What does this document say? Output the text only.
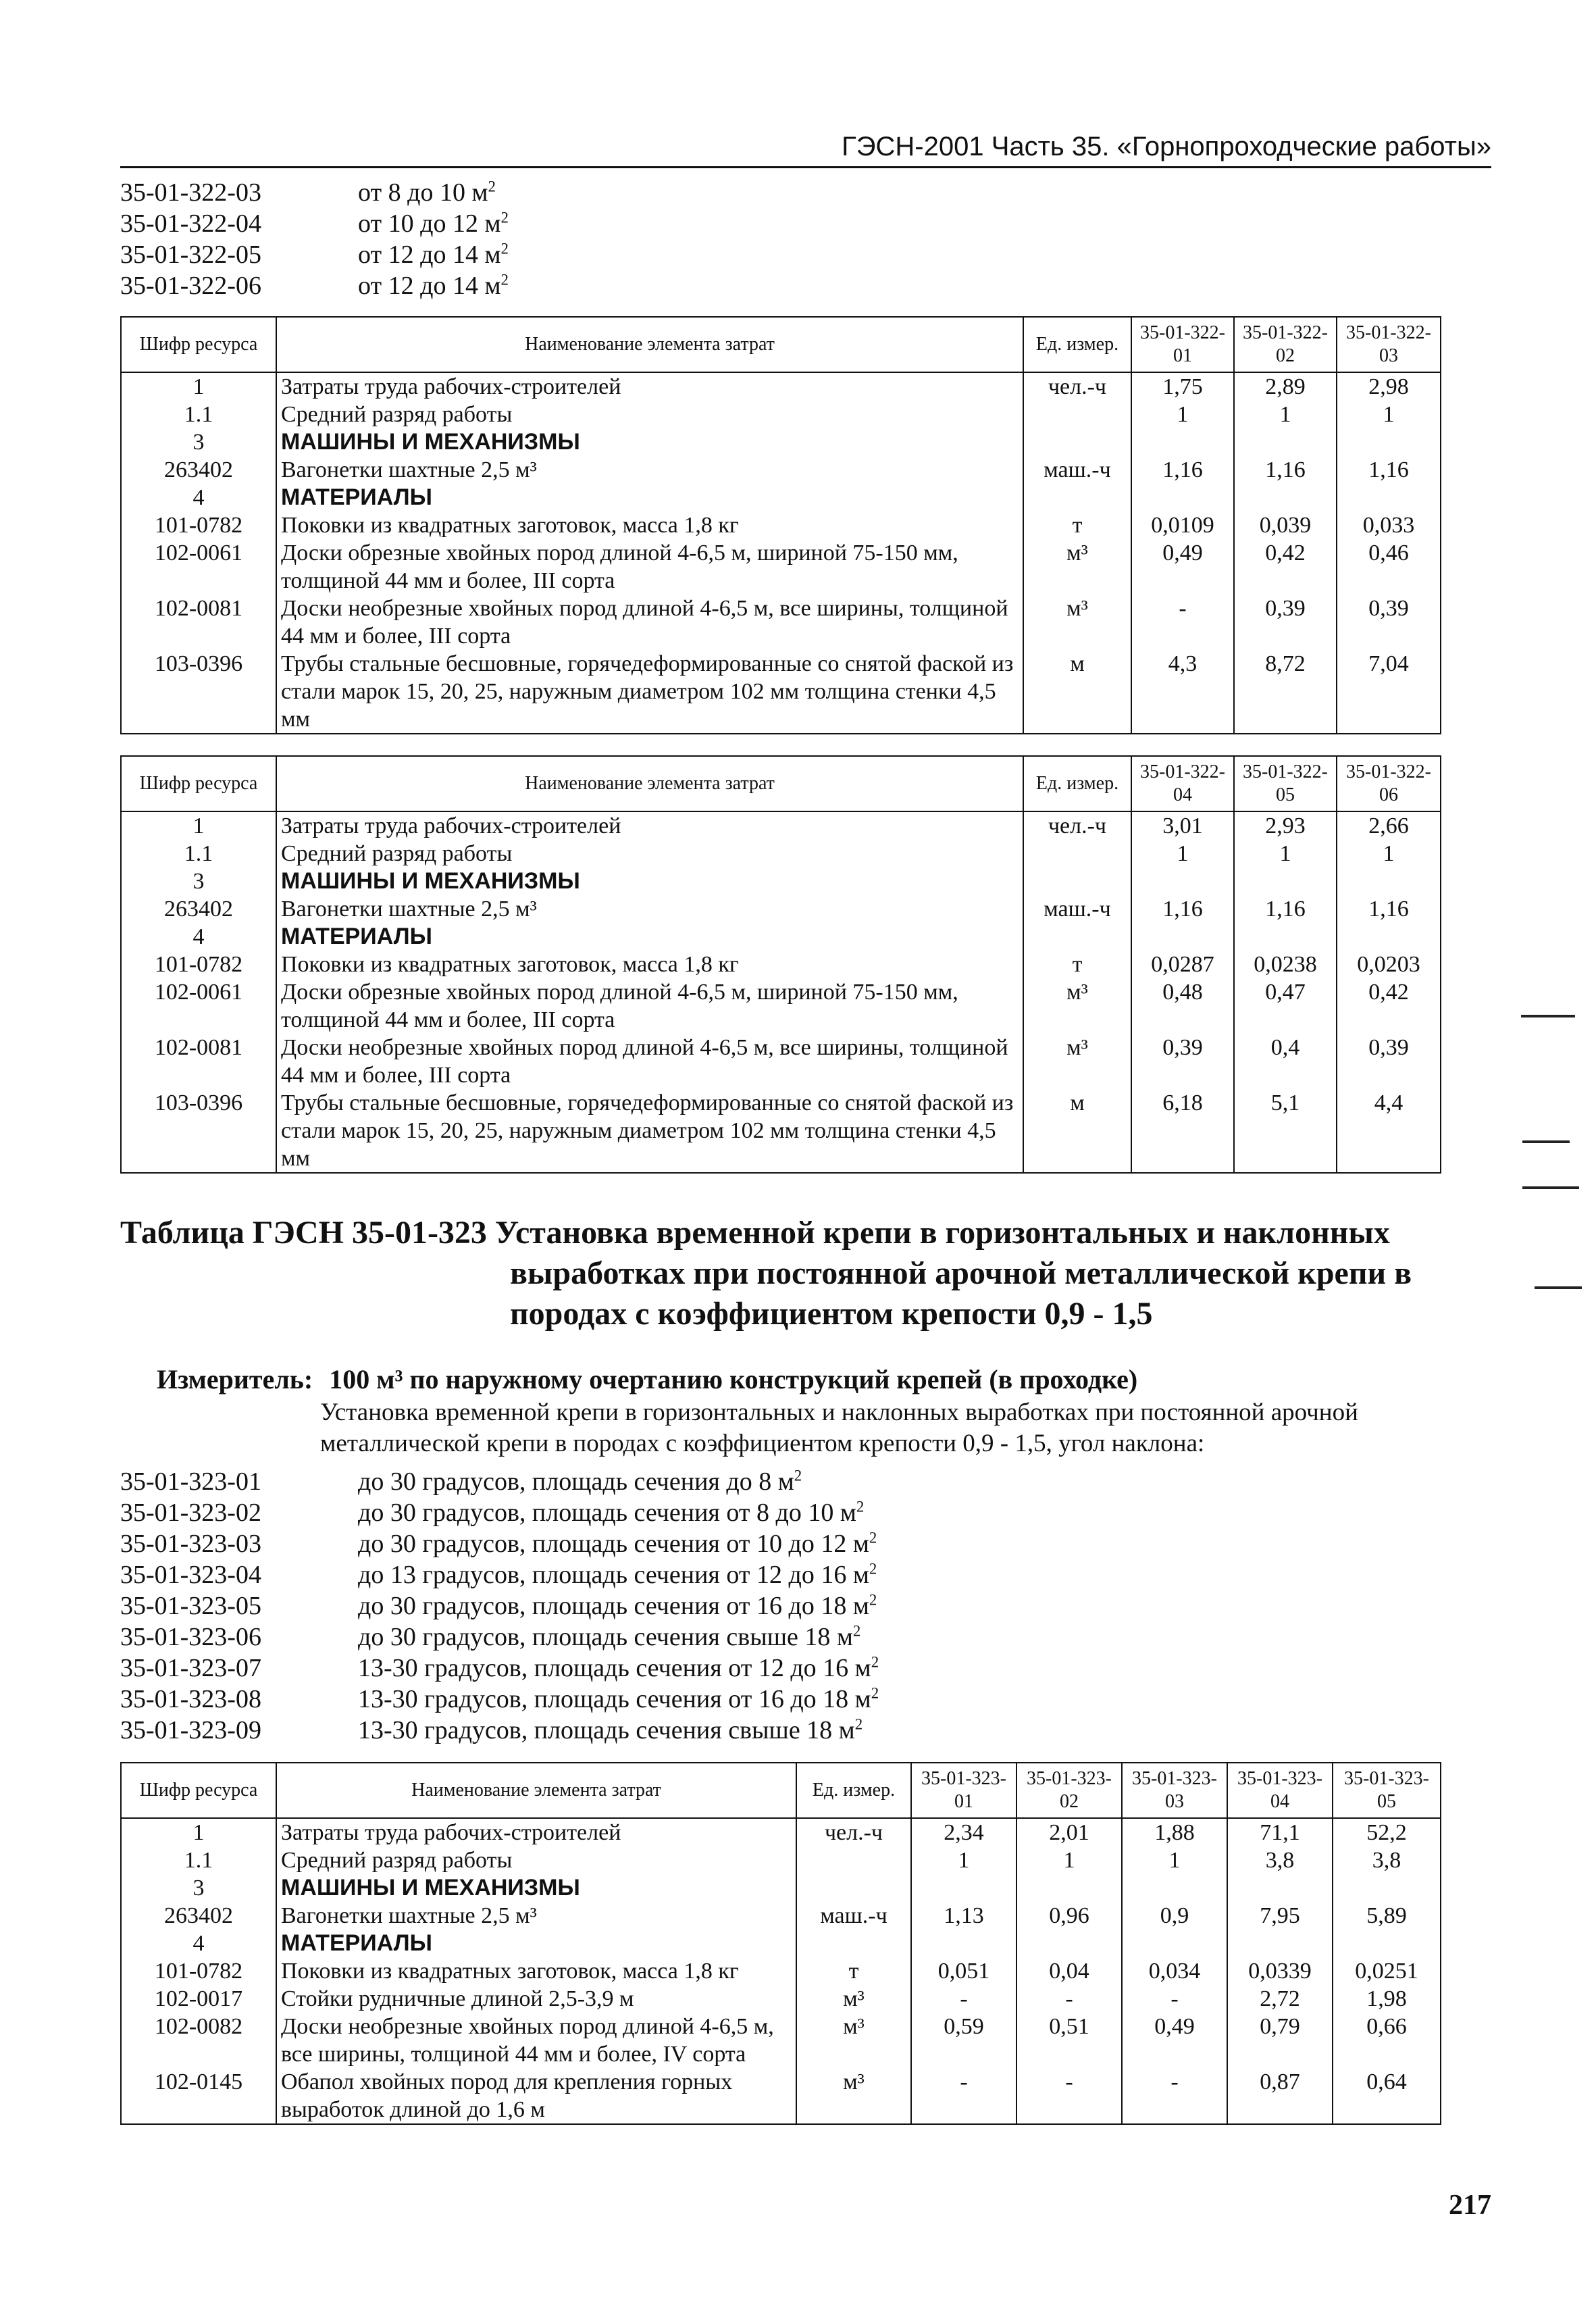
ГЭСН-2001 Часть 35. «Горнопроходческие работы»
35-01-322-03	от 8 до 10 $м^2$
35-01-322-04	от 10 до 12 $м^2$
35-01-322-05	от 12 до 14 $м^2$
35-01-322-06	от 12 до 14 $м^2$
Шифр ресурса	Наименование элемента затрат	Ед. измер.	35-01-322-01	35-01-322-02	35-01-322-03
1	Затраты труда рабочих-строителей	чел.-ч	1,75	2,89	2,98
1.1	Средний разряд работы		1	1	1
3	МАШИНЫ И МЕХАНИЗМЫ				
263402	Вагонетки шахтные 2,5 м³	маш.-ч	1,16	1,16	1,16
4	МАТЕРИАЛЫ				
101-0782	Поковки из квадратных заготовок, масса 1,8 кг	т	0,0109	0,039	0,033
102-0061	Доски обрезные хвойных пород длиной 4-6,5 м, шириной 75-150 мм, толщиной 44 мм и более, III сорта	м³	0,49	0,42	0,46
102-0081	Доски необрезные хвойных пород длиной 4-6,5 м, все ширины, толщиной 44 мм и более, III сорта	м³	-	0,39	0,39
103-0396	Трубы стальные бесшовные, горячедеформированные со снятой фаской из стали марок 15, 20, 25, наружным диаметром 102 мм толщина стенки 4,5 мм	м	4,3	8,72	7,04
Шифр ресурса	Наименование элемента затрат	Ед. измер.	35-01-322-04	35-01-322-05	35-01-322-06
1	Затраты труда рабочих-строителей	чел.-ч	3,01	2,93	2,66
1.1	Средний разряд работы		1	1	1
3	МАШИНЫ И МЕХАНИЗМЫ				
263402	Вагонетки шахтные 2,5 м³	маш.-ч	1,16	1,16	1,16
4	МАТЕРИАЛЫ				
101-0782	Поковки из квадратных заготовок, масса 1,8 кг	т	0,0287	0,0238	0,0203
102-0061	Доски обрезные хвойных пород длиной 4-6,5 м, шириной 75-150 мм, толщиной 44 мм и более, III сорта	м³	0,48	0,47	0,42
102-0081	Доски необрезные хвойных пород длиной 4-6,5 м, все ширины, толщиной 44 мм и более, III сорта	м³	0,39	0,4	0,39
103-0396	Трубы стальные бесшовные, горячедеформированные со снятой фаской из стали марок 15, 20, 25, наружным диаметром 102 мм толщина стенки 4,5 мм	м	6,18	5,1	4,4
Таблица ГЭСН 35-01-323 Установка временной крепи в горизонтальных и наклонных
выработках при постоянной арочной металлической крепи в
породах с коэффициентом крепости 0,9 - 1,5
Измеритель: 100 м³ по наружному очертанию конструкций крепей (в проходке)
Установка временной крепи в горизонтальных и наклонных выработках при постоянной арочной металлической крепи в породах с коэффициентом крепости 0,9 - 1,5, угол наклона:
35-01-323-01	до 30 градусов, площадь сечения до 8 $м^2$
35-01-323-02	до 30 градусов, площадь сечения от 8 до 10 $м^2$
35-01-323-03	до 30 градусов, площадь сечения от 10 до 12 $м^2$
35-01-323-04	до 13 градусов, площадь сечения от 12 до 16 $м^2$
35-01-323-05	до 30 градусов, площадь сечения от 16 до 18 $м^2$
35-01-323-06	до 30 градусов, площадь сечения свыше 18 $м^2$
35-01-323-07	13-30 градусов, площадь сечения от 12 до 16 $м^2$
35-01-323-08	13-30 градусов, площадь сечения от 16 до 18 $м^2$
35-01-323-09	13-30 градусов, площадь сечения свыше 18 $м^2$
Шифр ресурса	Наименование элемента затрат	Ед. измер.	35-01-323-01	35-01-323-02	35-01-323-03	35-01-323-04	35-01-323-05
1	Затраты труда рабочих-строителей	чел.-ч	2,34	2,01	1,88	71,1	52,2
1.1	Средний разряд работы		1	1	1	3,8	3,8
3	МАШИНЫ И МЕХАНИЗМЫ						
263402	Вагонетки шахтные 2,5 м³	маш.-ч	1,13	0,96	0,9	7,95	5,89
4	МАТЕРИАЛЫ						
101-0782	Поковки из квадратных заготовок, масса 1,8 кг	т	0,051	0,04	0,034	0,0339	0,0251
102-0017	Стойки рудничные длиной 2,5-3,9 м	м³	-	-	-	2,72	1,98
102-0082	Доски необрезные хвойных пород длиной 4-6,5 м, все ширины, толщиной 44 мм и более, IV сорта	м³	0,59	0,51	0,49	0,79	0,66
102-0145	Обапол хвойных пород для крепления горных выработок длиной до 1,6 м	м³	-	-	-	0,87	0,64
217
